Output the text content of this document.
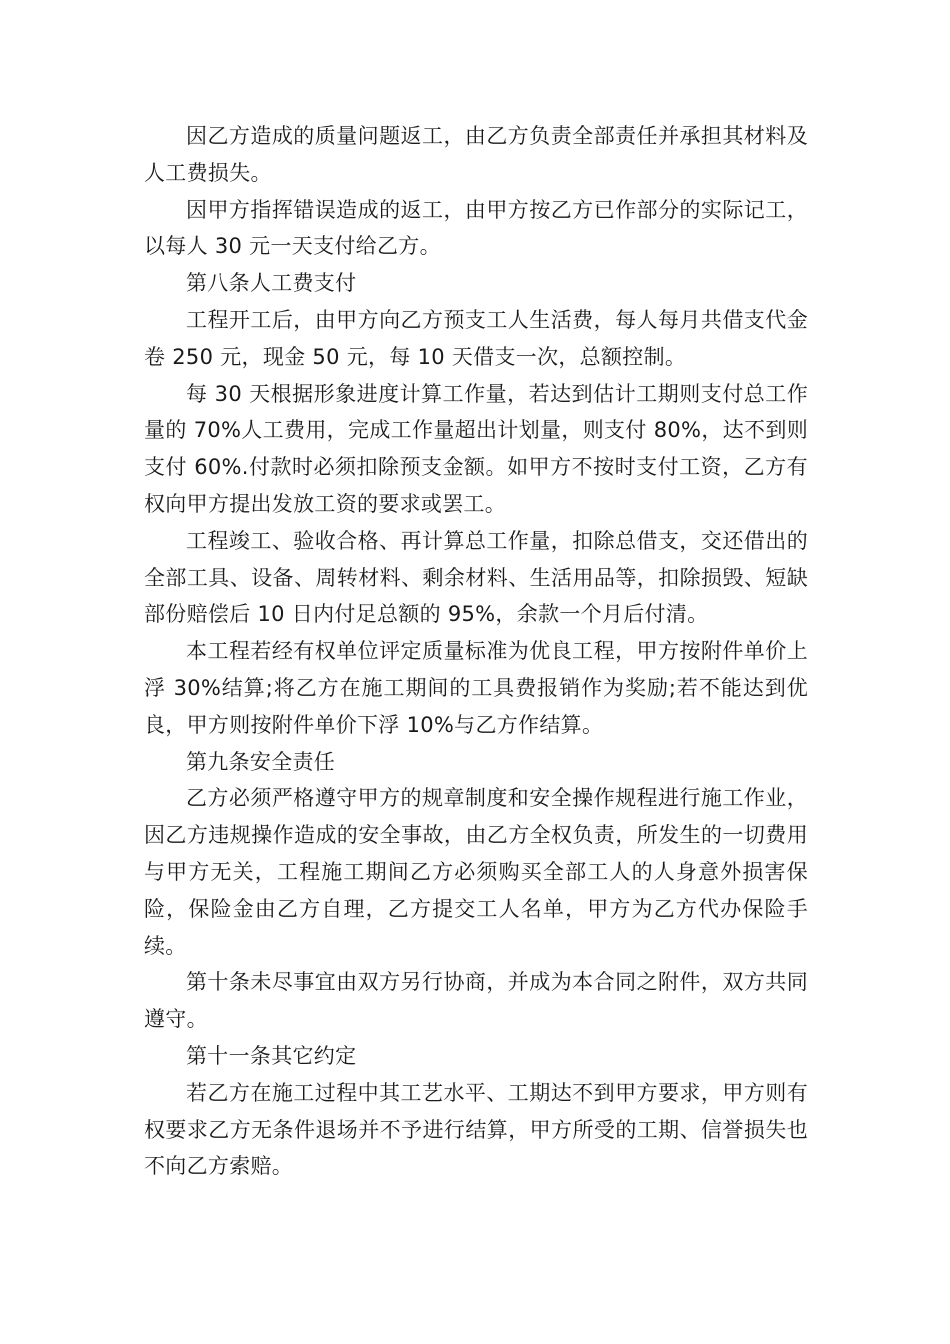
因乙方造成的质量问题返工，由乙方负责全部责任并承担其材料及人工费损失。

因甲方指挥错误造成的返工，由甲方按乙方已作部分的实际记工，以每人 30 元一天支付给乙方。

第八条人工费支付

工程开工后，由甲方向乙方预支工人生活费，每人每月共借支代金卷 250 元，现金 50 元，每 10 天借支一次，总额控制。

每 30 天根据形象进度计算工作量，若达到估计工期则支付总工作量的 70%人工费用，完成工作量超出计划量，则支付 80%，达不到则支付 60%.付款时必须扣除预支金额。如甲方不按时支付工资，乙方有权向甲方提出发放工资的要求或罢工。

工程竣工、验收合格、再计算总工作量，扣除总借支，交还借出的全部工具、设备、周转材料、剩余材料、生活用品等，扣除损毁、短缺部份赔偿后 10 日内付足总额的 95%，余款一个月后付清。

本工程若经有权单位评定质量标准为优良工程，甲方按附件单价上浮 30%结算;将乙方在施工期间的工具费报销作为奖励;若不能达到优良，甲方则按附件单价下浮 10%与乙方作结算。

第九条安全责任

乙方必须严格遵守甲方的规章制度和安全操作规程进行施工作业，因乙方违规操作造成的安全事故，由乙方全权负责，所发生的一切费用与甲方无关，工程施工期间乙方必须购买全部工人的人身意外损害保险，保险金由乙方自理，乙方提交工人名单，甲方为乙方代办保险手续。

第十条未尽事宜由双方另行协商，并成为本合同之附件，双方共同遵守。

第十一条其它约定

若乙方在施工过程中其工艺水平、工期达不到甲方要求，甲方则有权要求乙方无条件退场并不予进行结算，甲方所受的工期、信誉损失也不向乙方索赔。
